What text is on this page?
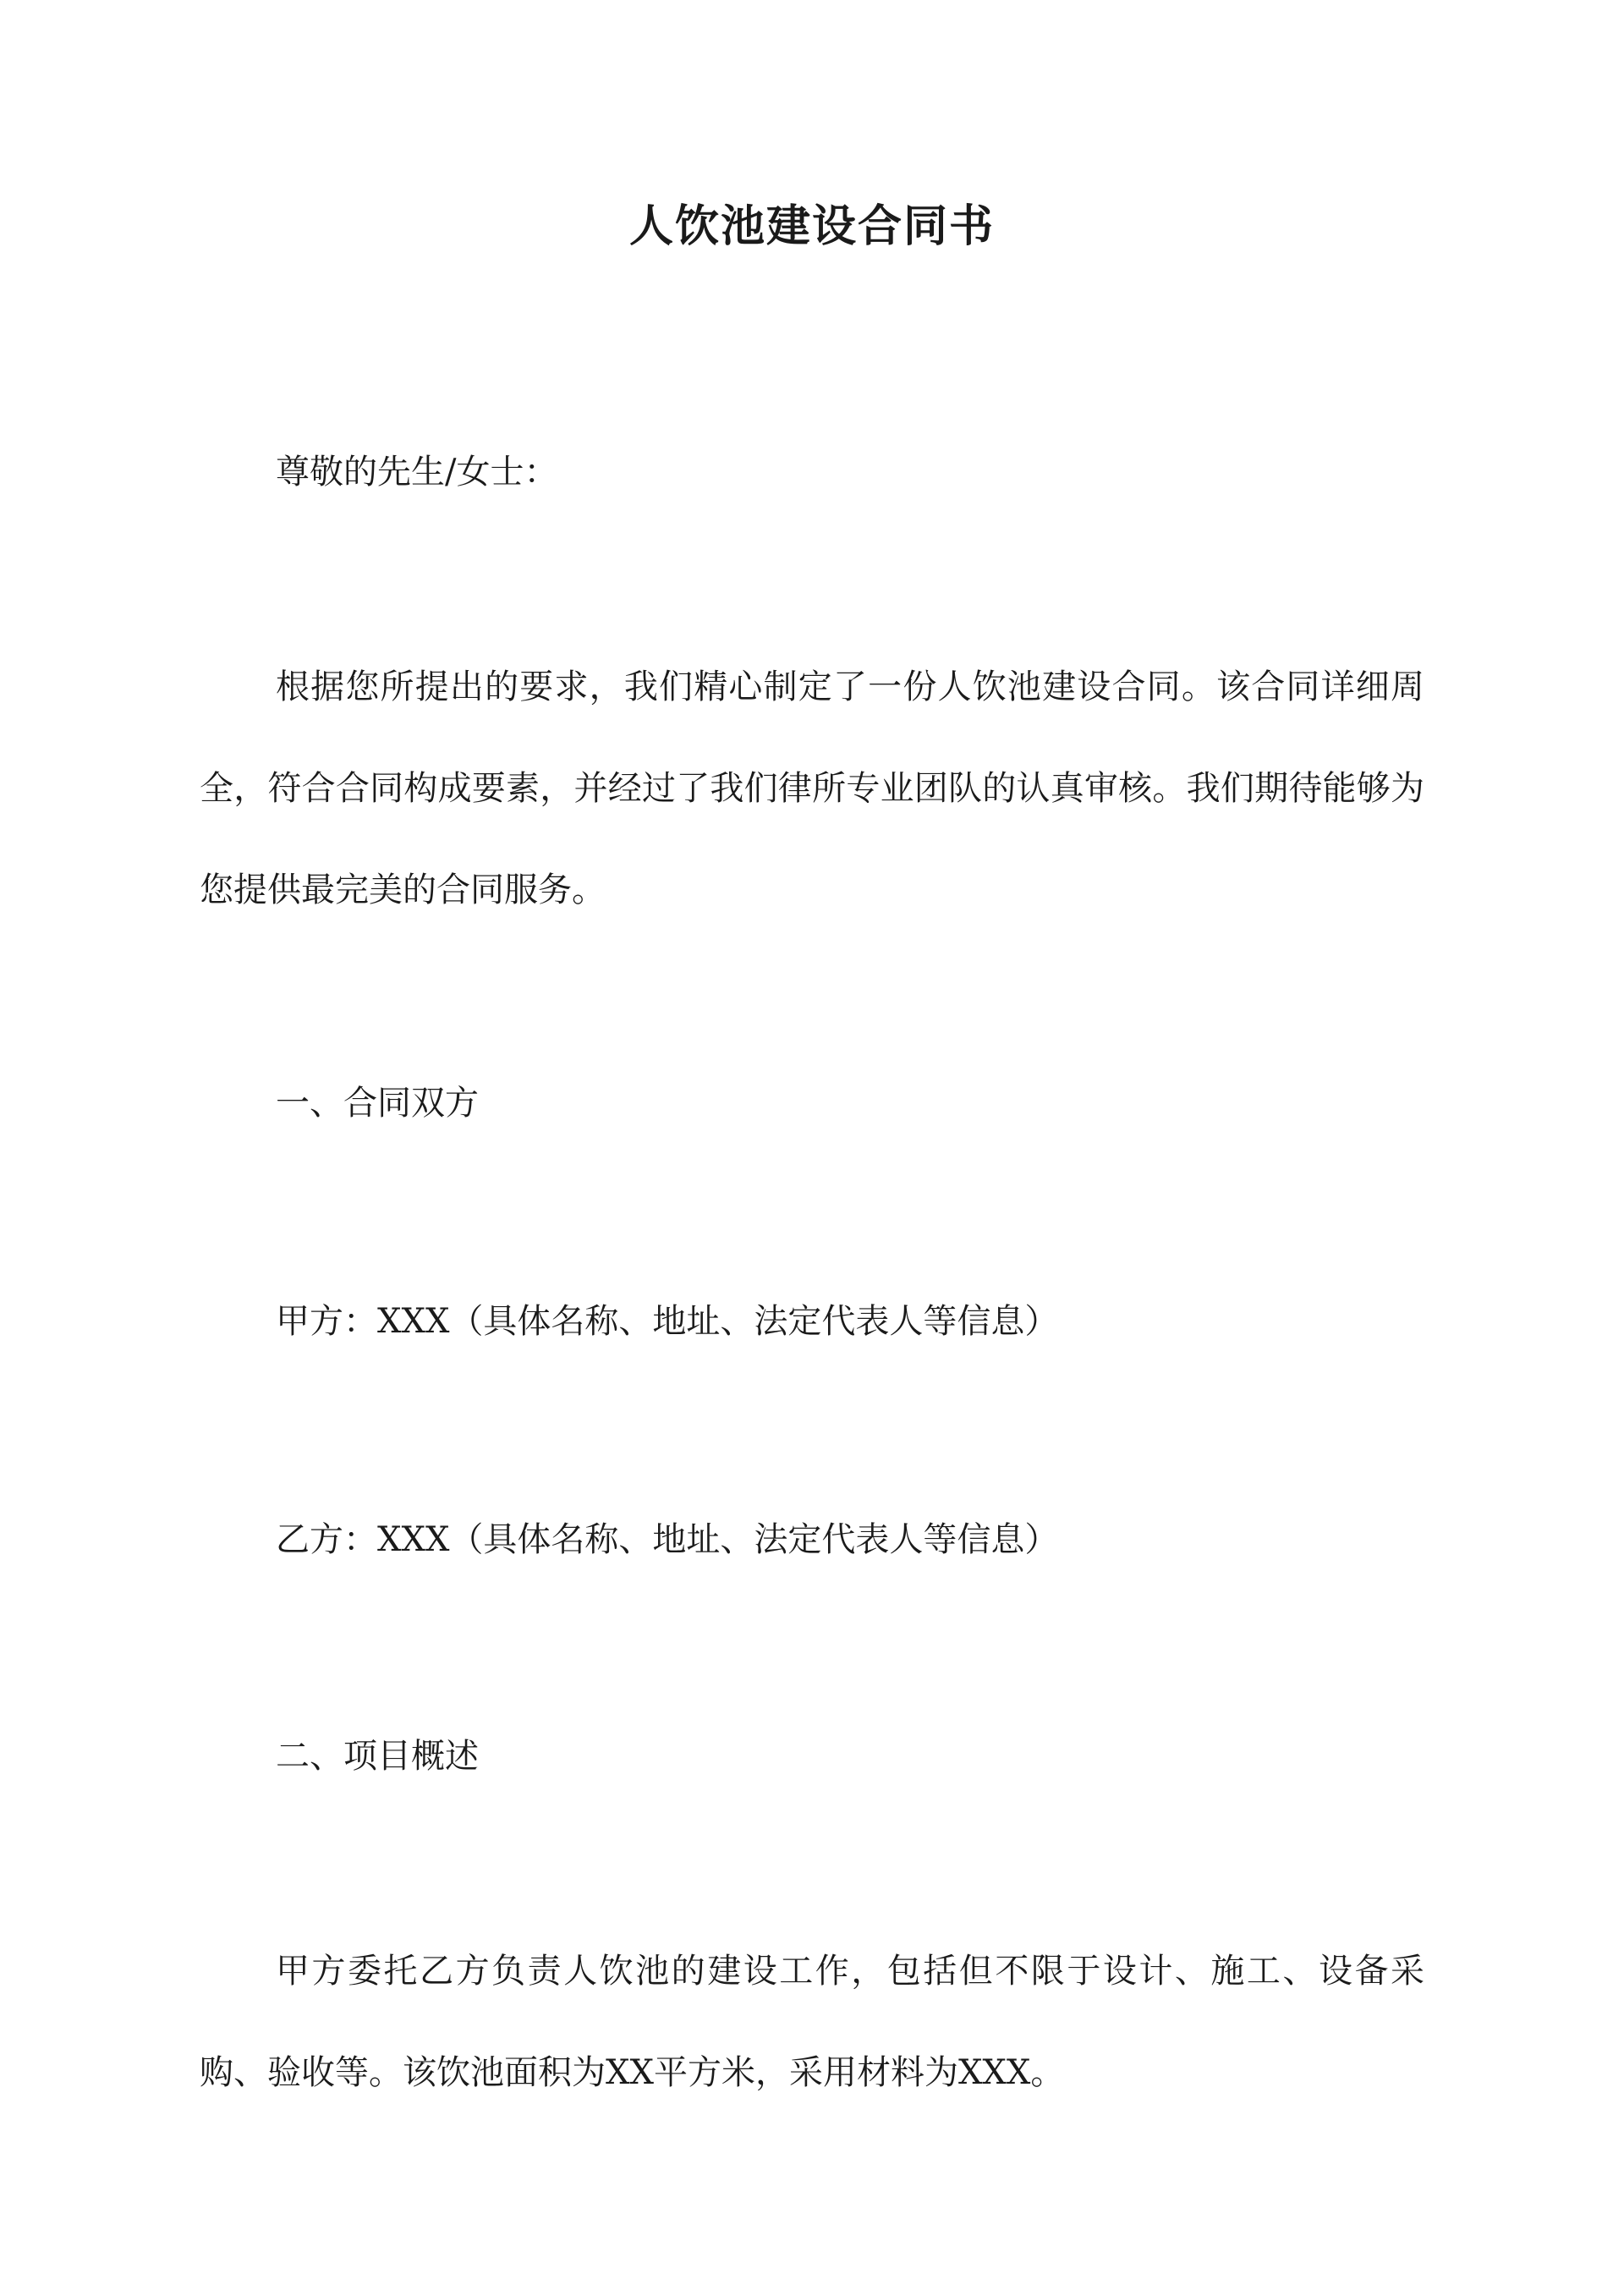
人饮池建设合同书

尊敬的先生/女士：

根据您所提出的要求，我们精心制定了一份人饮池建设合同。该合同详细周全，符合合同构成要素，并经过了我们律所专业团队的认真审核。我们期待能够为您提供最完美的合同服务。

一、合同双方

甲方：XXX（具体名称、地址、法定代表人等信息）

乙方：XXX（具体名称、地址、法定代表人等信息）

二、项目概述

甲方委托乙方负责人饮池的建设工作，包括但不限于设计、施工、设备采购、验收等。该饮池面积为XX平方米，采用材料为XXX。
